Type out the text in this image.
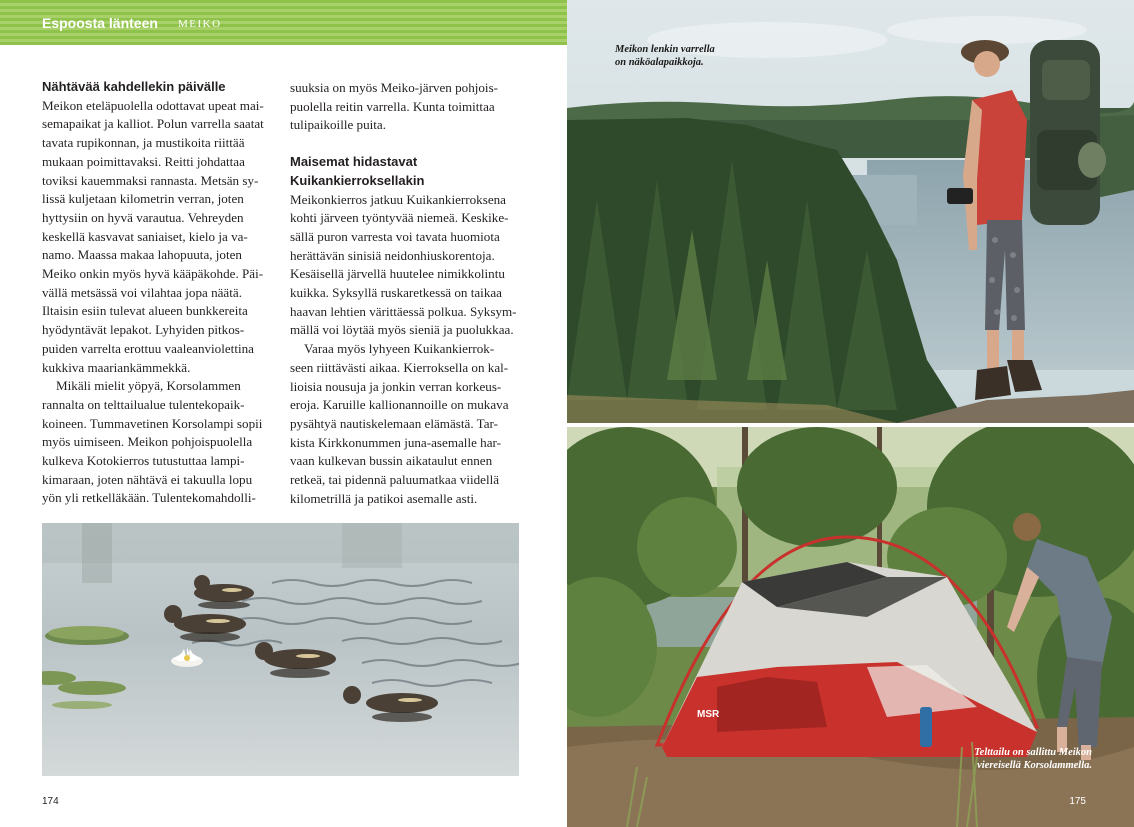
Espoosta länteen MEIKO
Nähtävää kahdellekin päivälle

Meikon eteläpuolella odottavat upeat mai-
semapaikat ja kalliot. Polun varrella saatat
tavata rupikonnan, ja mustikoita riittää
mukaan poimittavaksi. Reitti johdattaa
toviksi kauemmaksi rannasta. Metsän sy-
lissä kuljetaan kilometrin verran, joten
hyttysiin on hyvä varautua. Vehreyden
keskellä kasvavat saniaiset, kielo ja va-
namo. Maassa makaa lahopuuta, joten
Meiko onkin myös hyvä kääpäkohde. Päi-
vällä metsässä voi vilahtaa jopa näätä.
Iltaisin esiin tulevat alueen bunkkereita
hyödyntävät lepakot. Lyhyiden pitkos-
puiden varrelta erottuu vaaleanviolettina
kukkiva maariankämmekkä.

Mikäli mielit yöpyä, Korsolammen
rannalta on telttailualue tulentekopaik-
koineen. Tummavetinen Korsolampi sopii
myös uimiseen. Meikon pohjoispuolella
kulkeva Kotokierros tutustuttaa lampi-
kimaraan, joten nähtävä ei takuulla lopu
yön yli retkelläkään. Tulentekomahdolli-

suuksia on myös Meiko-järven pohjois-
puolella reitin varrella. Kunta toimittaa
tulipaikoille puita.

Maisemat hidastavat
Kuikankierroksellakin

Meikonkierros jatkuu Kuikankierroksena
kohti järveen työntyvää niemeä. Keskike-
sällä puron varresta voi tavata huomiota
herättävän sinisiä neidonhiuskorentoja.
Kesäisellä järvellä huutelee nimikkolintu
kuikka. Syksyllä ruskaretkessä on taikaa
haavan lehtien värittäessä polkua. Syksym-
mällä voi löytää myös sieniä ja puolukkaa.

Varaa myös lyhyeen Kuikankierrok-
seen riittävästi aikaa. Kierroksella on kal-
lioisia nousuja ja jonkin verran korkeus-
eroja. Karuille kallionannoille on mukava
pysähtyä nautiskelemaan elämästä. Tar-
kista Kirkkonummen juna-asemalle har-
vaan kulkevan bussin aikataulut ennen
retkeä, tai pidennä paluumatkaa viidellä
kilometrillä ja patikoi asemalle asti.

174
Meikon lenkin varrella
on näköalapaikkoja.
MSR
Telttailu on sallittu Meikon
viereisellä Korsolammella.
175
